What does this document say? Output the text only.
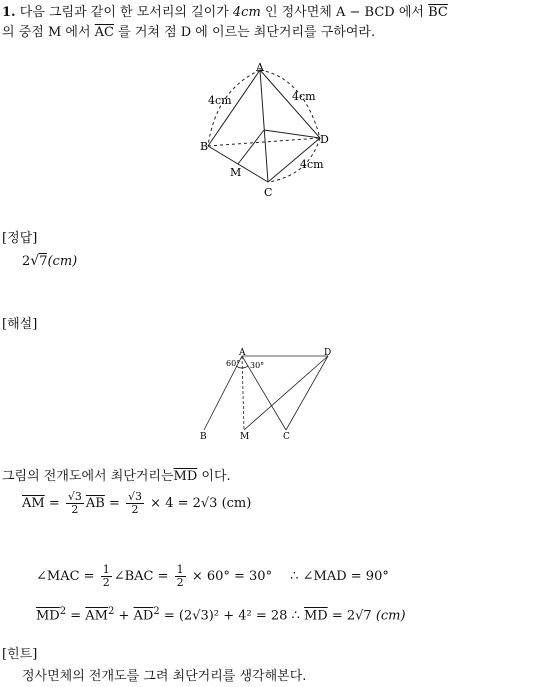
1. 다음 그림과 같이 한 모서리의 길이가 4cm 인 정사면체 A − BCD 에서 $\overline{BC}$
의 중점 M 에서 $\overline{AC}$ 를 거쳐 점 D 에 이르는 최단거리를 구하여라.
A
B
C
D
M
4cm	4cm
4cm
[정답]
2√7(cm)
[해설]
A	D
B	M	C
60° 30°
그림의 전개도에서 최단거리는$\overline{MD}$ 이다.
$\overline{AM} = \frac{√3}{2} \overline{AB} = \frac{√3}{2} \times 4 = 2√3$ (cm)
∠MAC = $\frac{1}{2}$ ∠BAC = $\frac{1}{2} \times 60^\circ = 30^\circ$ ∴ ∠MAD = 90°
$\overline{MD}^2 = \overline{AM}^2 + \overline{AD}^2 = (2√3)^2 + 4^2 = 28$ ∴ $\overline{MD} = 2√7$ (cm)
[힌트]
정사면체의 전개도를 그려 최단거리를 생각해본다.
